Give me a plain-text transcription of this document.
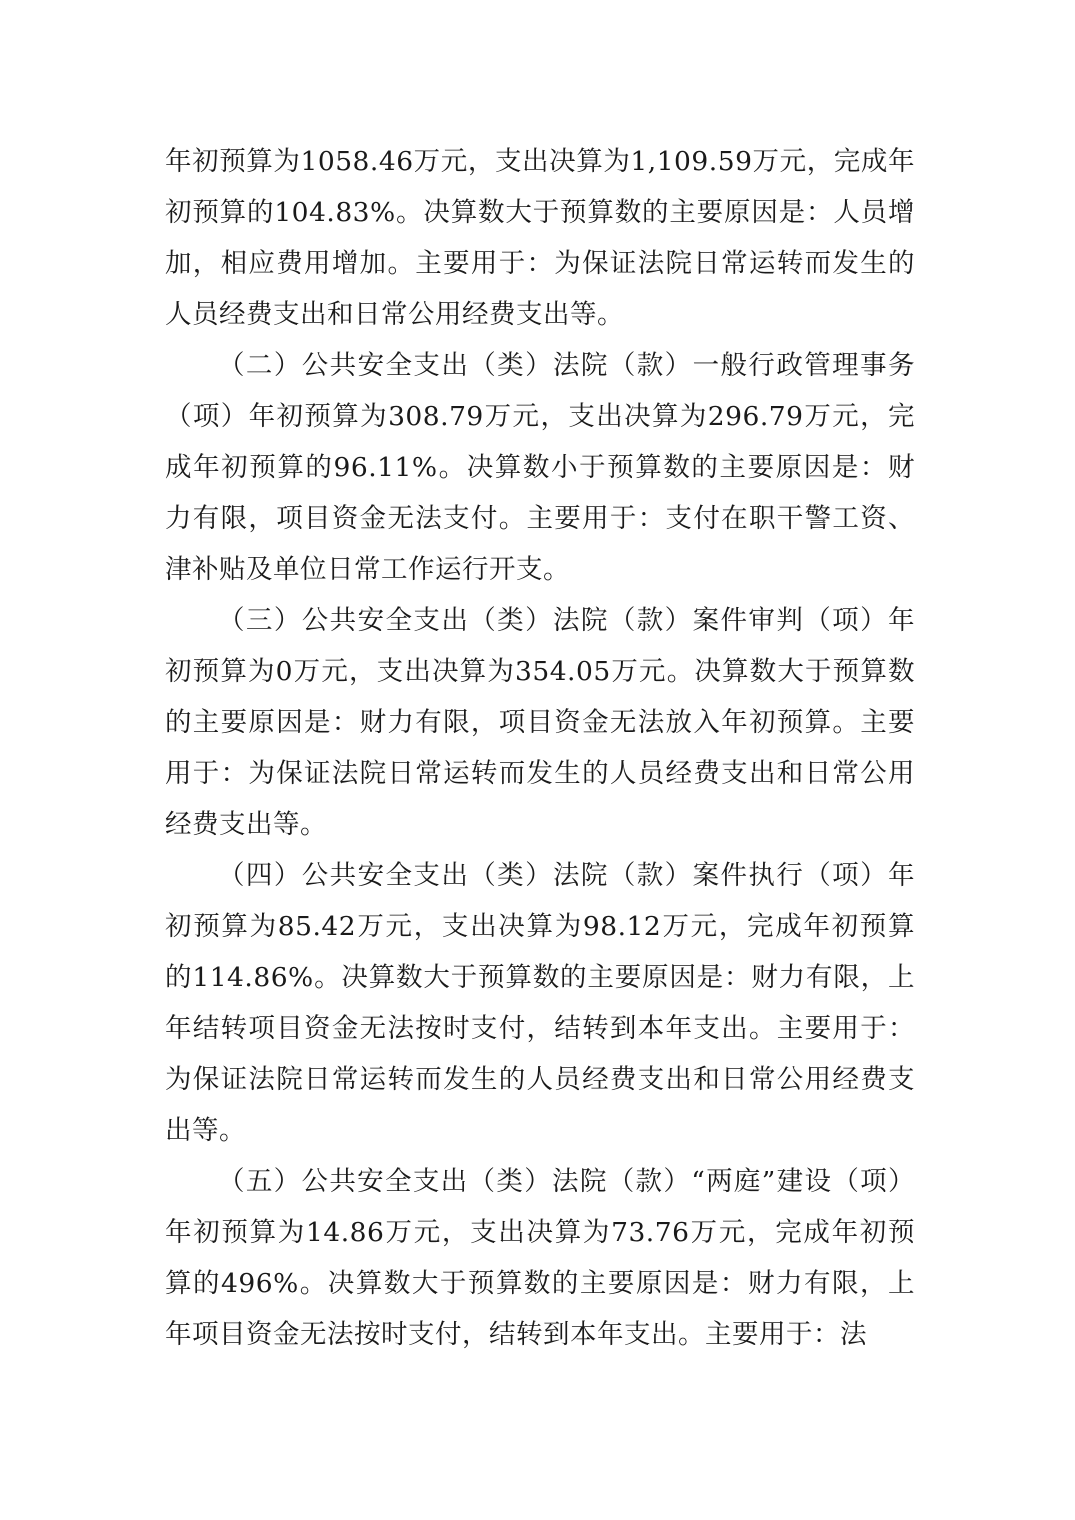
年初预算为1058.46万元，支出决算为1,109.59万元，完成年初预算的104.83%。决算数大于预算数的主要原因是：人员增加，相应费用增加。主要用于：为保证法院日常运转而发生的人员经费支出和日常公用经费支出等。

（二）公共安全支出（类）法院（款）一般行政管理事务（项）年初预算为308.79万元，支出决算为296.79万元，完成年初预算的96.11%。决算数小于预算数的主要原因是：财力有限，项目资金无法支付。主要用于：支付在职干警工资、津补贴及单位日常工作运行开支。

（三）公共安全支出（类）法院（款）案件审判（项）年初预算为0万元，支出决算为354.05万元。决算数大于预算数的主要原因是：财力有限，项目资金无法放入年初预算。主要用于：为保证法院日常运转而发生的人员经费支出和日常公用经费支出等。

（四）公共安全支出（类）法院（款）案件执行（项）年初预算为85.42万元，支出决算为98.12万元，完成年初预算的114.86%。决算数大于预算数的主要原因是：财力有限，上年结转项目资金无法按时支付，结转到本年支出。主要用于：为保证法院日常运转而发生的人员经费支出和日常公用经费支出等。

（五）公共安全支出（类）法院（款）“两庭”建设（项）年初预算为14.86万元，支出决算为73.76万元，完成年初预算的496%。决算数大于预算数的主要原因是：财力有限，上年项目资金无法按时支付，结转到本年支出。主要用于：法
